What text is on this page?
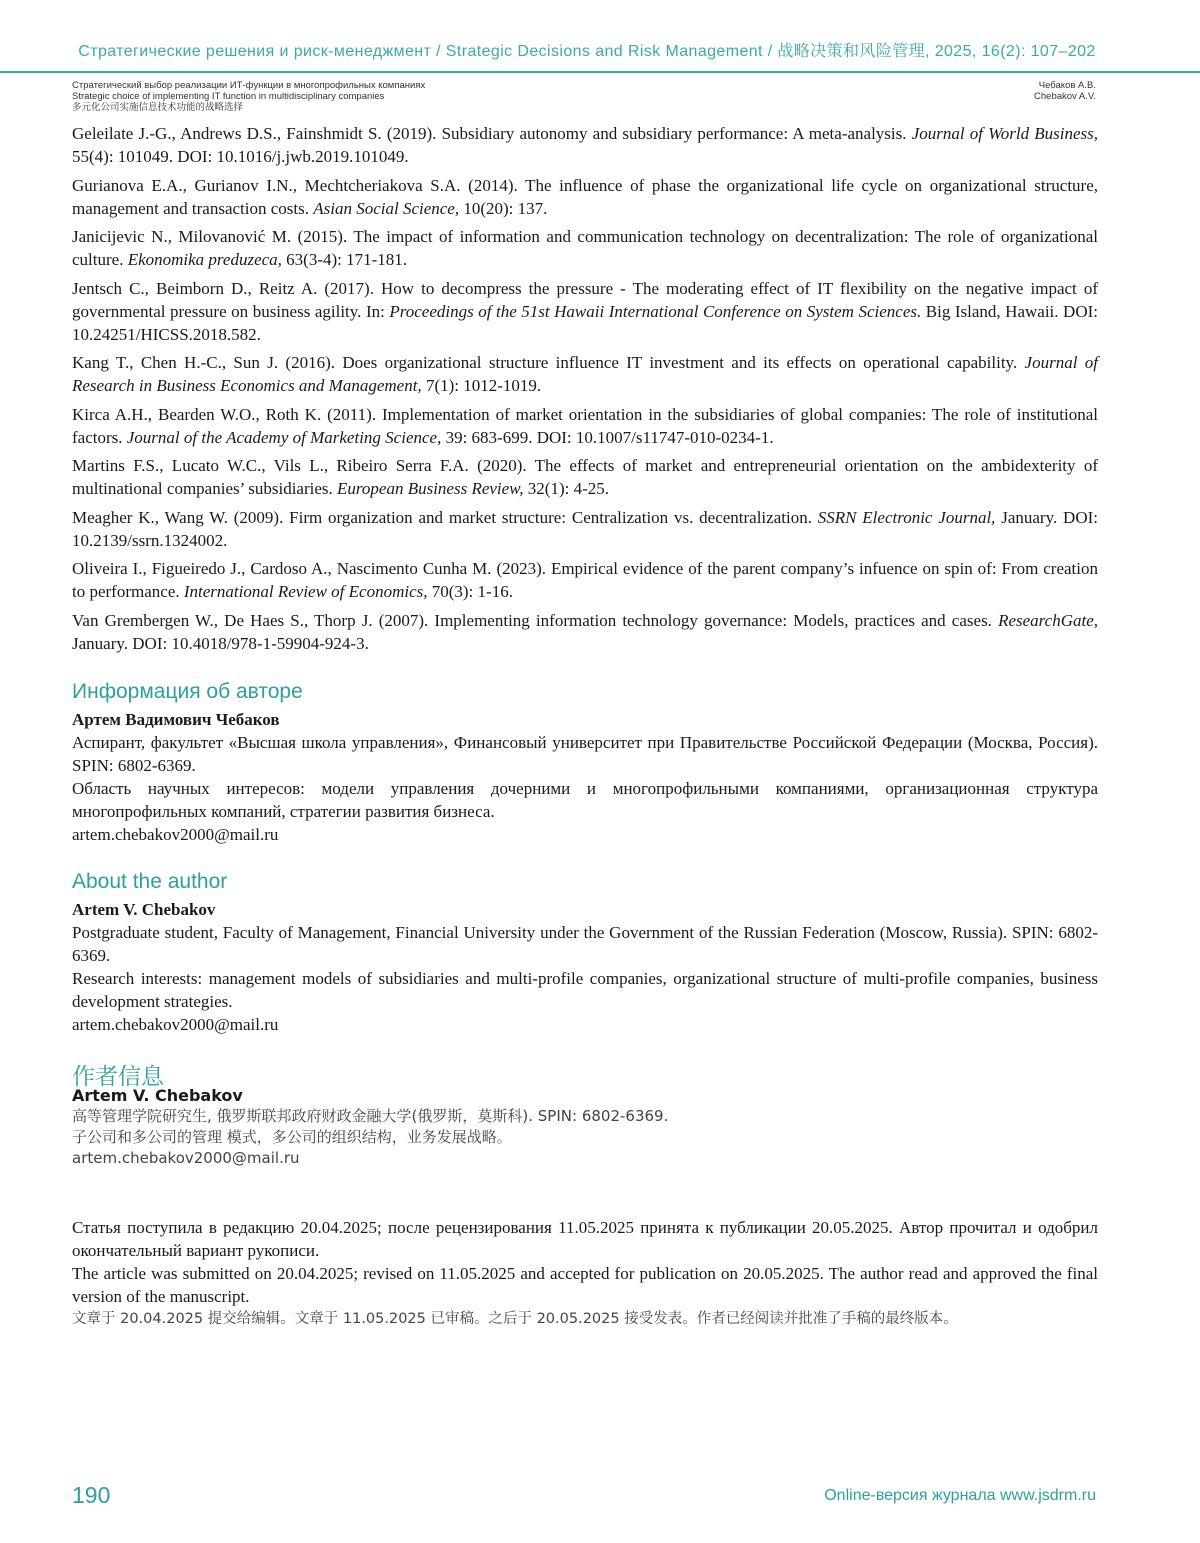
Стратегические решения и риск-менеджмент / Strategic Decisions and Risk Management / 战略决策和风险管理, 2025, 16(2): 107–202
Стратегический выбор реализации ИТ-функции в многопрофильных компаниях
Strategic choice of implementing IT function in multidisciplinary companies
多元化公司实施信息技术功能的战略选择
Чебаков А.В.
Chebakov A.V.

Geleilate J.-G., Andrews D.S., Fainshmidt S. (2019). Subsidiary autonomy and subsidiary performance: A meta-analysis. Journal of World Business, 55(4): 101049. DOI: 10.1016/j.jwb.2019.101049.

Gurianova E.A., Gurianov I.N., Mechtcheriakova S.A. (2014). The influence of phase the organizational life cycle on organizational structure, management and transaction costs. Asian Social Science, 10(20): 137.

Janicijevic N., Milovanović M. (2015). The impact of information and communication technology on decentralization: The role of organizational culture. Ekonomika preduzeca, 63(3-4): 171-181.

Jentsch C., Beimborn D., Reitz A. (2017). How to decompress the pressure - The moderating effect of IT flexibility on the negative impact of governmental pressure on business agility. In: Proceedings of the 51st Hawaii International Conference on System Sciences. Big Island, Hawaii. DOI: 10.24251/HICSS.2018.582.

Kang T., Chen H.-C., Sun J. (2016). Does organizational structure influence IT investment and its effects on operational capability. Journal of Research in Business Economics and Management, 7(1): 1012-1019.

Kirca A.H., Bearden W.O., Roth K. (2011). Implementation of market orientation in the subsidiaries of global companies: The role of institutional factors. Journal of the Academy of Marketing Science, 39: 683-699. DOI: 10.1007/s11747-010-0234-1.

Martins F.S., Lucato W.C., Vils L., Ribeiro Serra F.A. (2020). The effects of market and entrepreneurial orientation on the ambidexterity of multinational companies’ subsidiaries. European Business Review, 32(1): 4-25.

Meagher K., Wang W. (2009). Firm organization and market structure: Centralization vs. decentralization. SSRN Electronic Journal, January. DOI: 10.2139/ssrn.1324002.

Oliveira I., Figueiredo J., Cardoso A., Nascimento Cunha M. (2023). Empirical evidence of the parent company’s infuence on spin of: From creation to performance. International Review of Economics, 70(3): 1-16.

Van Grembergen W., De Haes S., Thorp J. (2007). Implementing information technology governance: Models, practices and cases. ResearchGate, January. DOI: 10.4018/978-1-59904-924-3.

Информация об авторе
Артем Вадимович Чебаков
Аспирант, факультет «Высшая школа управления», Финансовый университет при Правительстве Российской Федерации (Москва, Россия). SPIN: 6802-6369.
Область научных интересов: модели управления дочерними и многопрофильными компаниями, организационная структура многопрофильных компаний, стратегии развития бизнеса.
artem.chebakov2000@mail.ru
About the author
Artem V. Chebakov
Postgraduate student, Faculty of Management, Financial University under the Government of the Russian Federation (Moscow, Russia). SPIN: 6802-6369.
Research interests: management models of subsidiaries and multi-profile companies, organizational structure of multi-profile companies, business development strategies.
artem.chebakov2000@mail.ru
作者信息
Artem V. Chebakov
高等管理学院研究生, 俄罗斯联邦政府财政金融大学(俄罗斯，莫斯科). SPIN: 6802-6369.
子公司和多公司的管理 模式，多公司的组织结构，业务发展战略。
artem.chebakov2000@mail.ru
Статья поступила в редакцию 20.04.2025; после рецензирования 11.05.2025 принята к публикации 20.05.2025. Автор прочитал и одобрил окончательный вариант рукописи.
The article was submitted on 20.04.2025; revised on 11.05.2025 and accepted for publication on 20.05.2025. The author read and approved the final version of the manuscript.
文章于 20.04.2025 提交给编辑。文章于 11.05.2025 已审稿。之后于 20.05.2025 接受发表。作者已经阅读并批准了手稿的最终版本。
190	Online-версия журнала www.jsdrm.ru
